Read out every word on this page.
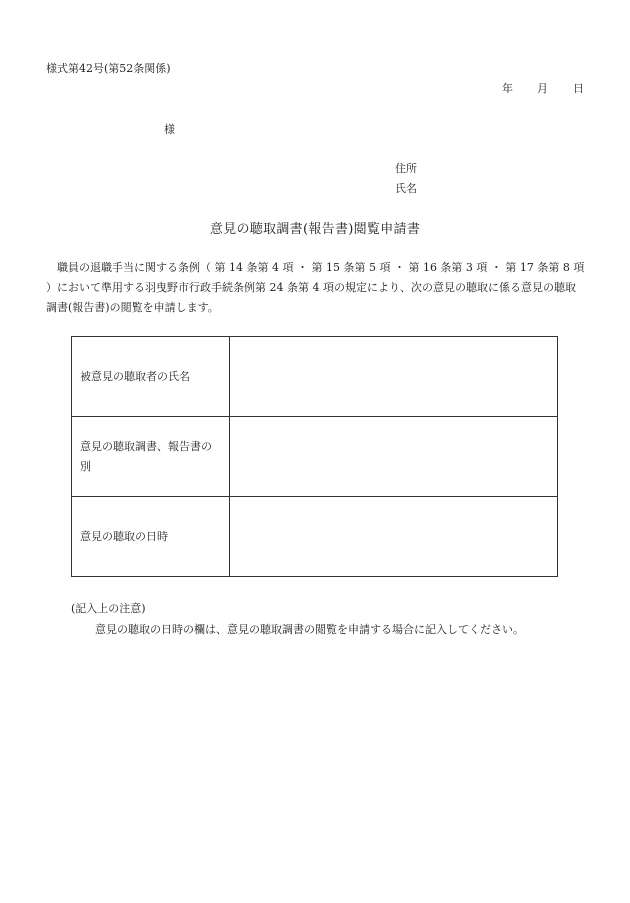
様式第42号(第52条関係)
年 月 日
様
住所
氏名
意見の聴取調書(報告書)閲覧申請書
　職員の退職手当に関する条例（ 第 14 条第 4 項 ・ 第 15 条第 5 項 ・ 第 16 条第 3 項 ・ 第 17 条第 8 項 ）において準用する羽曳野市行政手続条例第 24 条第 4 項の規定により、次の意見の聴取に係る意見の聴取調書(報告書)の閲覧を申請します。
被意見の聴取者の氏名	
意見の聴取調書、報告書の別	
意見の聴取の日時	
(記入上の注意)
意見の聴取の日時の欄は、意見の聴取調書の閲覧を申請する場合に記入してください。
